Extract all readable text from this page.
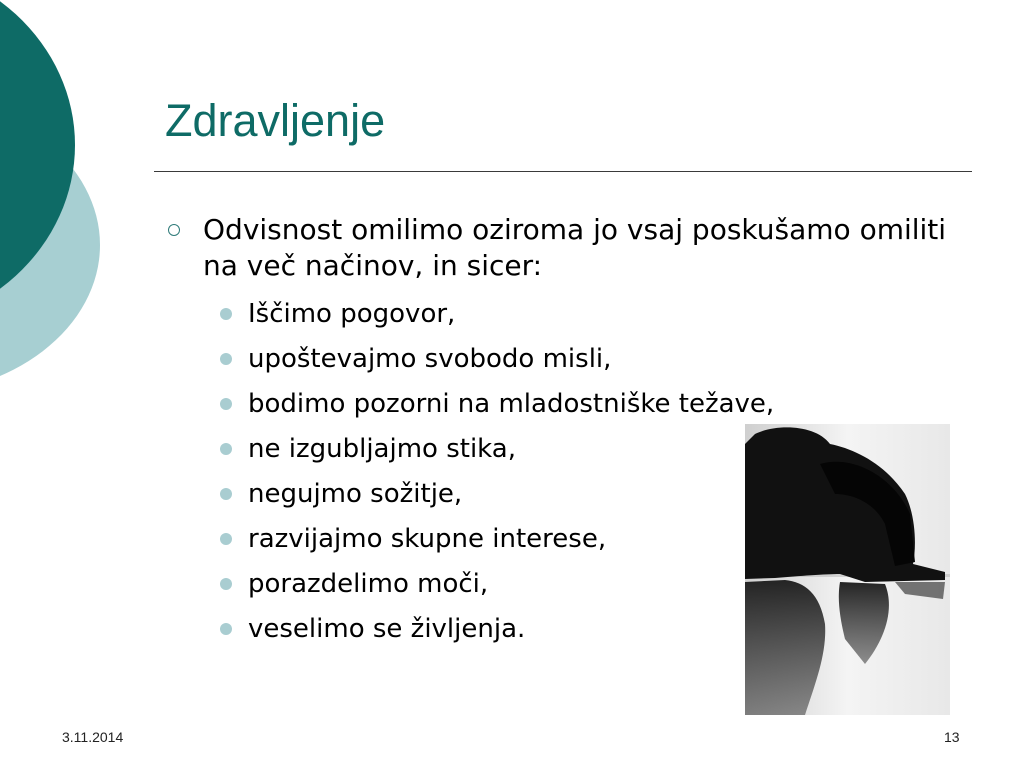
Zdravljenje
Odvisnost omilimo oziroma jo vsaj poskušamo omiliti na več načinov, in sicer:
Iščimo pogovor,
upoštevajmo svobodo misli,
bodimo pozorni na mladostniške težave,
ne izgubljajmo stika,
negujmo sožitje,
razvijajmo skupne interese,
porazdelimo moči,
veselimo se življenja.
3.11.2014	13
